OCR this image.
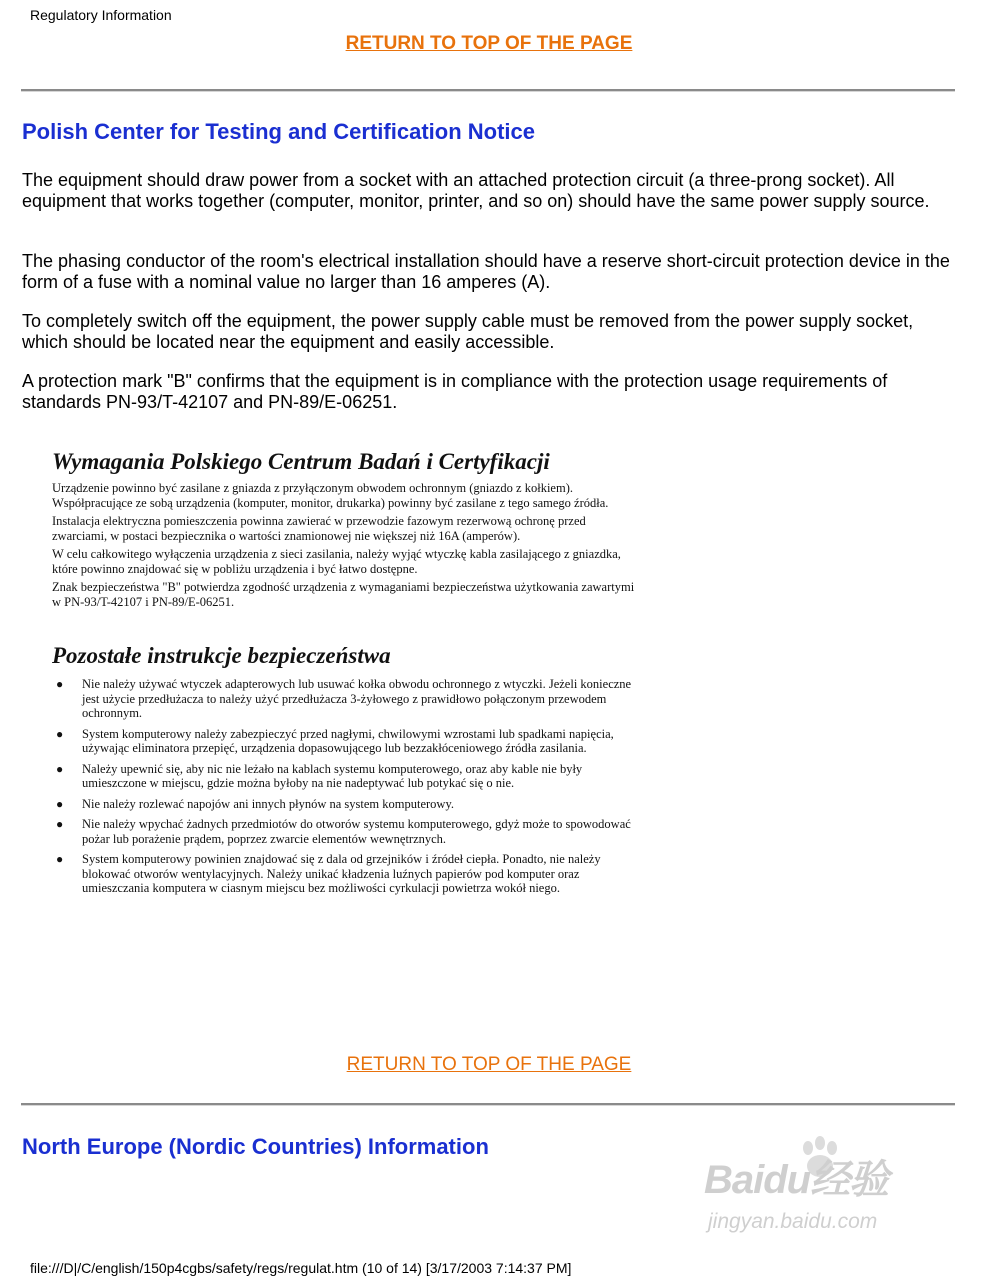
Regulatory Information
RETURN TO TOP OF THE PAGE
Polish Center for Testing and Certification Notice

The equipment should draw power from a socket with an attached protection circuit (a three-prong socket). All equipment that works together (computer, monitor, printer, and so on) should have the same power supply source.

The phasing conductor of the room's electrical installation should have a reserve short-circuit protection device in the form of a fuse with a nominal value no larger than 16 amperes (A).

To completely switch off the equipment, the power supply cable must be removed from the power supply socket, which should be located near the equipment and easily accessible.

A protection mark "B" confirms that the equipment is in compliance with the protection usage requirements of standards PN-93/T-42107 and PN-89/E-06251.

Wymagania Polskiego Centrum Badań i Certyfikacji

Urządzenie powinno być zasilane z gniazda z przyłączonym obwodem ochronnym (gniazdo z kołkiem). Współpracujące ze sobą urządzenia (komputer, monitor, drukarka) powinny być zasilane z tego samego źródła.

Instalacja elektryczna pomieszczenia powinna zawierać w przewodzie fazowym rezerwową ochronę przed zwarciami, w postaci bezpiecznika o wartości znamionowej nie większej niż 16A (amperów).

W celu całkowitego wyłączenia urządzenia z sieci zasilania, należy wyjąć wtyczkę kabla zasilającego z gniazdka, które powinno znajdować się w pobliżu urządzenia i być łatwo dostępne.

Znak bezpieczeństwa "B" potwierdza zgodność urządzenia z wymaganiami bezpieczeństwa użytkowania zawartymi w PN-93/T-42107 i PN-89/E-06251.

Pozostałe instrukcje bezpieczeństwa
● Nie należy używać wtyczek adapterowych lub usuwać kołka obwodu ochronnego z wtyczki. Jeżeli konieczne jest użycie przedłużacza to należy użyć przedłużacza 3-żyłowego z prawidłowo połączonym przewodem ochronnym.
● System komputerowy należy zabezpieczyć przed nagłymi, chwilowymi wzrostami lub spadkami napięcia, używając eliminatora przepięć, urządzenia dopasowującego lub bezzakłóceniowego źródła zasilania.
● Należy upewnić się, aby nic nie leżało na kablach systemu komputerowego, oraz aby kable nie były umieszczone w miejscu, gdzie można byłoby na nie nadeptywać lub potykać się o nie.
● Nie należy rozlewać napojów ani innych płynów na system komputerowy.
● Nie należy wpychać żadnych przedmiotów do otworów systemu komputerowego, gdyż może to spowodować pożar lub porażenie prądem, poprzez zwarcie elementów wewnętrznych.
● System komputerowy powinien znajdować się z dala od grzejników i źródeł ciepła. Ponadto, nie należy blokować otworów wentylacyjnych. Należy unikać kładzenia luźnych papierów pod komputer oraz umieszczania komputera w ciasnym miejscu bez możliwości cyrkulacji powietrza wokół niego.
RETURN TO TOP OF THE PAGE
North Europe (Nordic Countries) Information
Baidu经验
jingyan.baidu.com
file:///D|/C/english/150p4cgbs/safety/regs/regulat.htm (10 of 14) [3/17/2003 7:14:37 PM]
